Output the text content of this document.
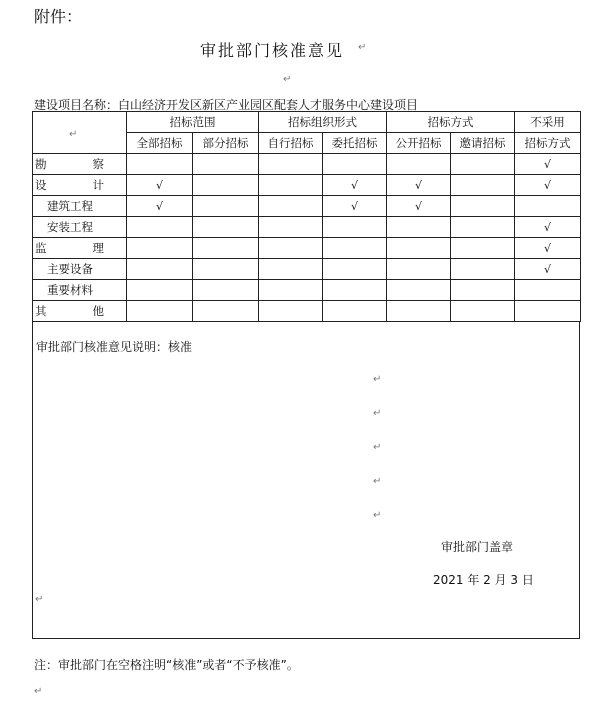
附件：
审批部门核准意见 ↵
↵
建设项目名称：白山经济开发区新区产业园区配套人才服务中心建设项目
↵	招标范围		招标组织形式		招标方式		不采用
	全部招标	部分招标	自行招标	委托招标	公开招标	邀请招标	招标方式
勘　　　　察							√
设　　　　计	√			√	√		√
建筑工程	√			√	√		
安装工程							√
监　　　　理							√
主要设备							√
重要材料							
其　　　　他							
审批部门核准意见说明：核准
↵
↵
↵
↵
↵
审批部门盖章
2021 年 2 月 3 日
↵
注：审批部门在空格注明“核准”或者“不予核准”。
↵
